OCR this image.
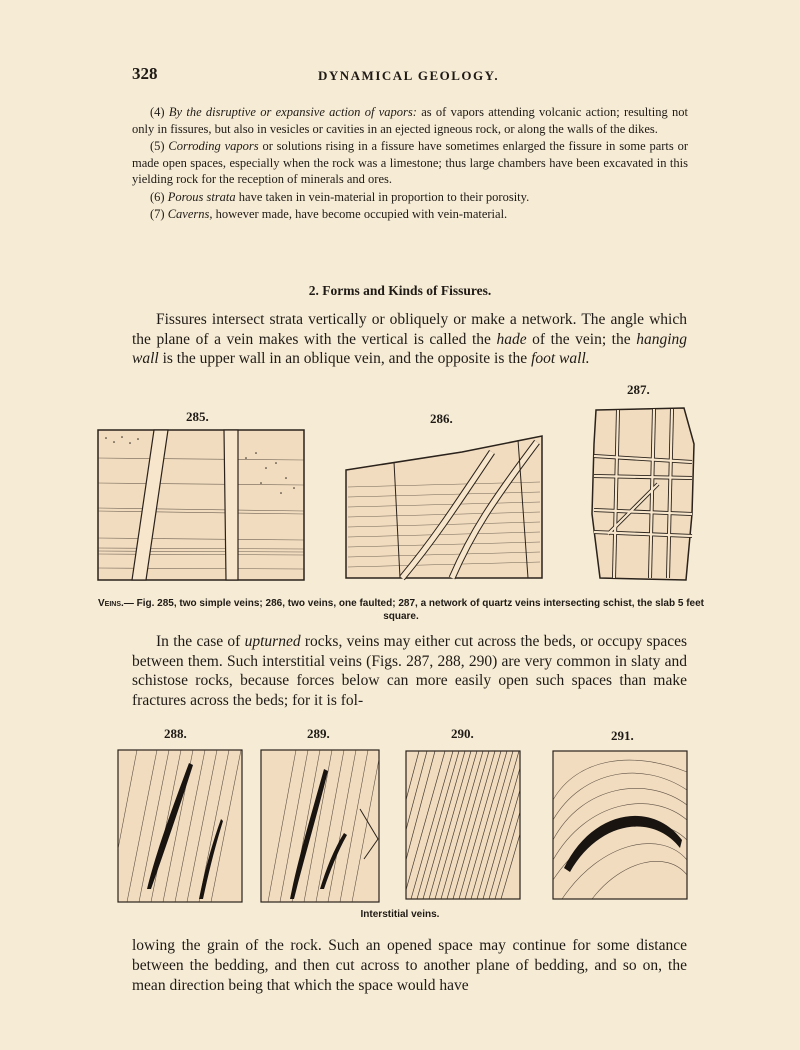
328	DYNAMICAL GEOLOGY.

(4) By the disruptive or expansive action of vapors: as of vapors attending volcanic action; resulting not only in fissures, but also in vesicles or cavities in an ejected igneous rock, or along the walls of the dikes.

(5) Corroding vapors or solutions rising in a fissure have sometimes enlarged the fissure in some parts or made open spaces, especially when the rock was a limestone; thus large chambers have been excavated in this yielding rock for the reception of minerals and ores.

(6) Porous strata have taken in vein-material in proportion to their porosity.

(7) Caverns, however made, have become occupied with vein-material.

2. Forms and Kinds of Fissures.

Fissures intersect strata vertically or obliquely or make a network. The angle which the plane of a vein makes with the vertical is called the hade of the vein; the hanging wall is the upper wall in an oblique vein, and the opposite is the foot wall.

285.	286.
287.
Veins.— Fig. 285, two simple veins; 286, two veins, one faulted; 287, a network of quartz veins intersecting schist, the slab 5 feet square.

In the case of upturned rocks, veins may either cut across the beds, or occupy spaces between them. Such interstitial veins (Figs. 287, 288, 290) are very common in slaty and schistose rocks, because forces below can more easily open such spaces than make fractures across the beds; for it is fol-

288.	289.	290.	291.
Interstitial veins.

lowing the grain of the rock. Such an opened space may continue for some distance between the bedding, and then cut across to another plane of bedding, and so on, the mean direction being that which the space would have
